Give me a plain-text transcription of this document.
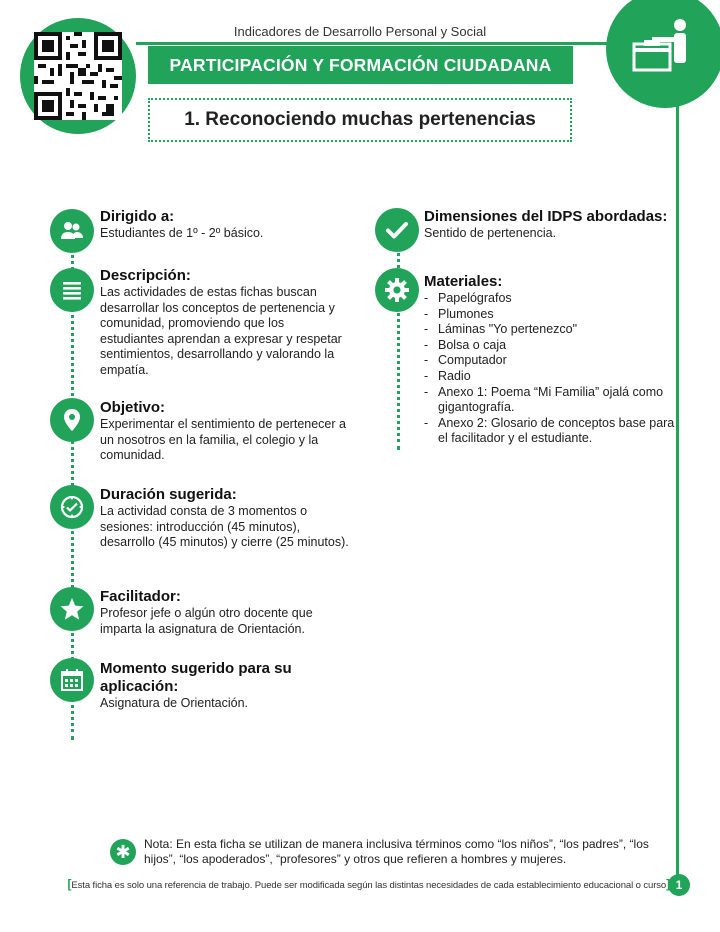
Indicadores de Desarrollo Personal y Social
PARTICIPACIÓN Y FORMACIÓN CIUDADANA
1. Reconociendo muchas pertenencias
Dirigido a:
Estudiantes de 1º - 2º básico.
Descripción:
Las actividades de estas fichas buscan desarrollar los conceptos de pertenencia y comunidad, promoviendo que los estudiantes aprendan a expresar y respetar sentimientos, desarrollando y valorando la empatía.
Objetivo:
Experimentar el sentimiento de pertenecer a un nosotros en la familia, el colegio y la comunidad.
Duración sugerida:
La actividad consta de 3 momentos o sesiones: introducción (45 minutos), desarrollo (45 minutos) y cierre (25 minutos).
Facilitador:
Profesor jefe o algún otro docente que imparta la asignatura de Orientación.
Momento sugerido para su aplicación:
Asignatura de Orientación.
Dimensiones del IDPS abordadas:
Sentido de pertenencia.
Materiales:
- Papelógrafos
- Plumones
- Láminas "Yo pertenezco"
- Bolsa o caja
- Computador
- Radio
- Anexo 1: Poema “Mi Familia” ojalá como gigantografía.
- Anexo 2: Glosario de conceptos base para el facilitador y el estudiante.
✱	Nota: En esta ficha se utilizan de manera inclusiva términos como “los niños”, “los padres”, “los hijos”, “los apoderados”, “profesores” y otros que refieren a hombres y mujeres.
[Esta ficha es solo una referencia de trabajo. Puede ser modificada según las distintas necesidades de cada establecimiento educacional o curso 1
